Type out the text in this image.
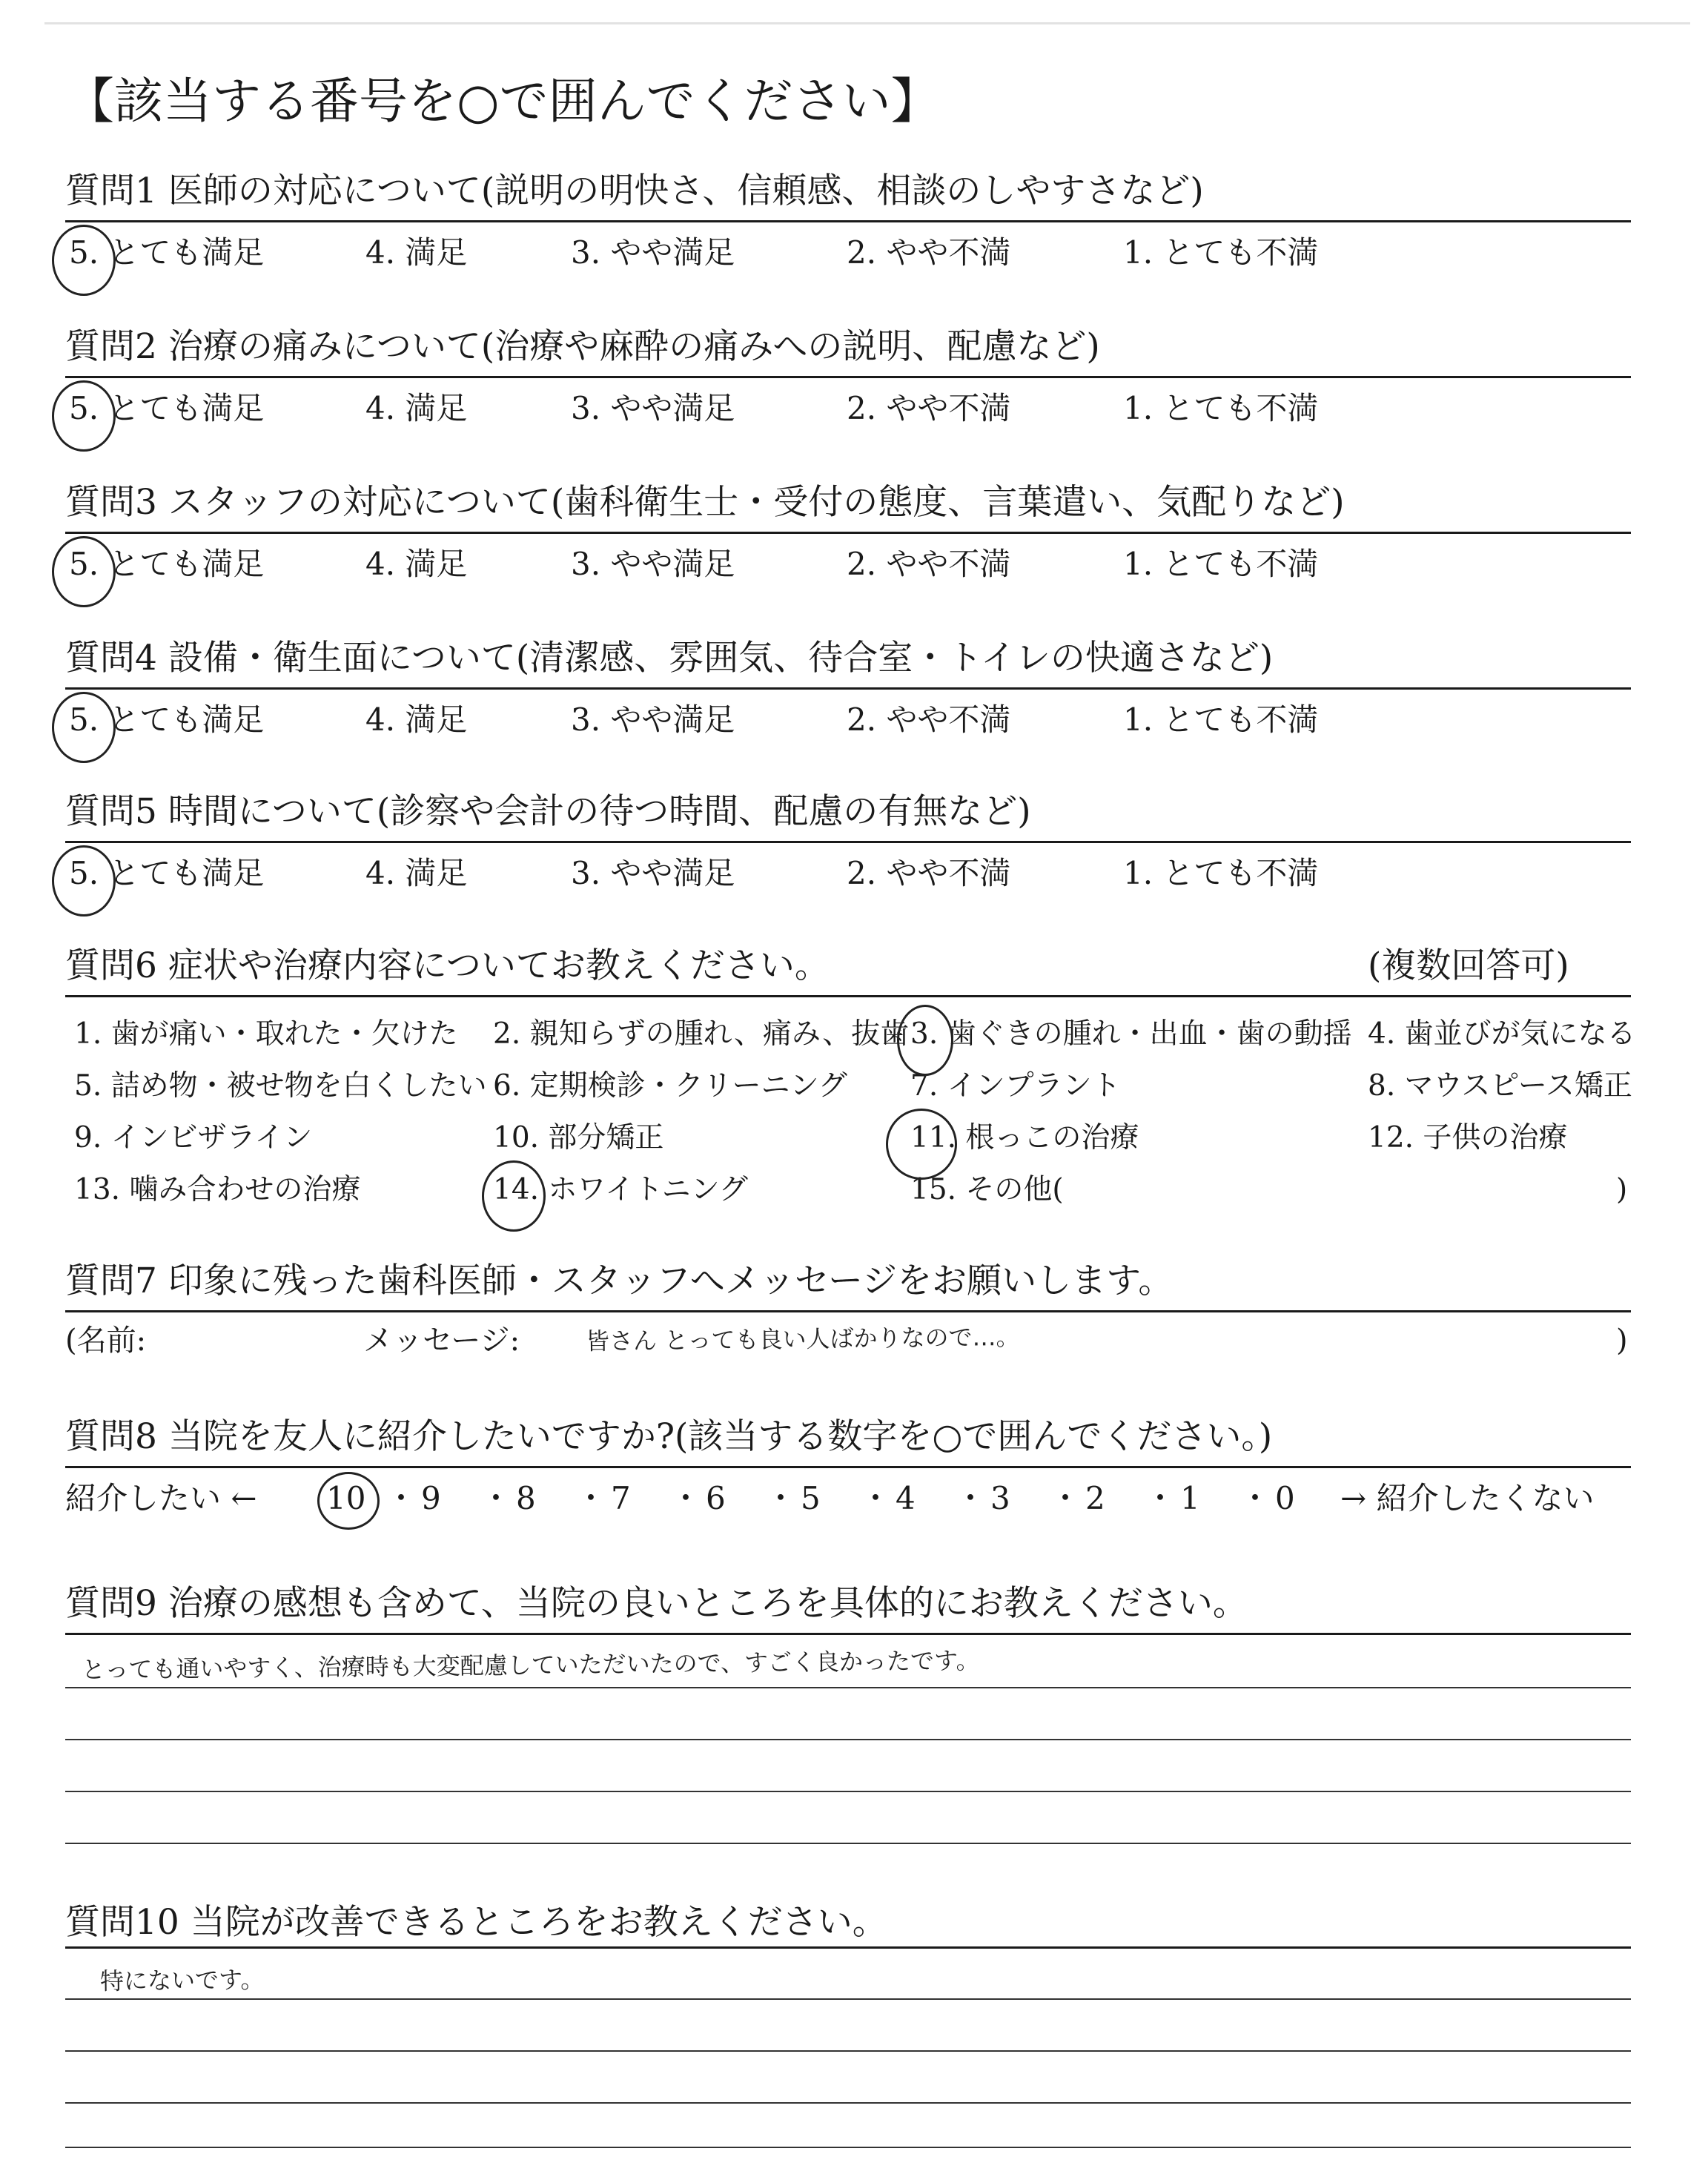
【該当する番号を○で囲んでください】
質問1 医師の対応について(説明の明快さ、信頼感、相談のしやすさなど)
5. とても満足	4. 満足	3. やや満足	2. やや不満	1. とても不満
質問2 治療の痛みについて(治療や麻酔の痛みへの説明、配慮など)
5. とても満足	4. 満足	3. やや満足	2. やや不満	1. とても不満
質問3 スタッフの対応について(歯科衛生士・受付の態度、言葉遣い、気配りなど)
5. とても満足	4. 満足	3. やや満足	2. やや不満	1. とても不満
質問4 設備・衛生面について(清潔感、雰囲気、待合室・トイレの快適さなど)
5. とても満足	4. 満足	3. やや満足	2. やや不満	1. とても不満
質問5 時間について(診察や会計の待つ時間、配慮の有無など)
5. とても満足	4. 満足	3. やや満足	2. やや不満	1. とても不満
質問6 症状や治療内容についてお教えください。	(複数回答可)
1. 歯が痛い・取れた・欠けた 2. 親知らずの腫れ、痛み、抜歯 3. 歯ぐきの腫れ・出血・歯の動揺 4. 歯並びが気になる
5. 詰め物・被せ物を白くしたい 6. 定期検診・クリーニング 7. インプラント	8. マウスピース矯正
9. インビザライン	10. 部分矯正	11. 根っこの治療	12. 子供の治療
13. 噛み合わせの治療	14. ホワイトニング	15. その他(	)
質問7 印象に残った歯科医師・スタッフへメッセージをお願いします。
(名前:	メッセージ:	皆さん とっても良い人ばかりなので…。	)
質問8 当院を友人に紹介したいですか?(該当する数字を○で囲んでください。)
紹介したい ←	→ 紹介したくない
10 ・ 9 ・ 8 ・ 7 ・ 6 ・ 5 ・ 4 ・ 3 ・ 2 ・ 1 ・ 0
質問9 治療の感想も含めて、当院の良いところを具体的にお教えください。
とっても通いやすく、治療時も大変配慮していただいたので、すごく良かったです。
質問10 当院が改善できるところをお教えください。
特にないです。
